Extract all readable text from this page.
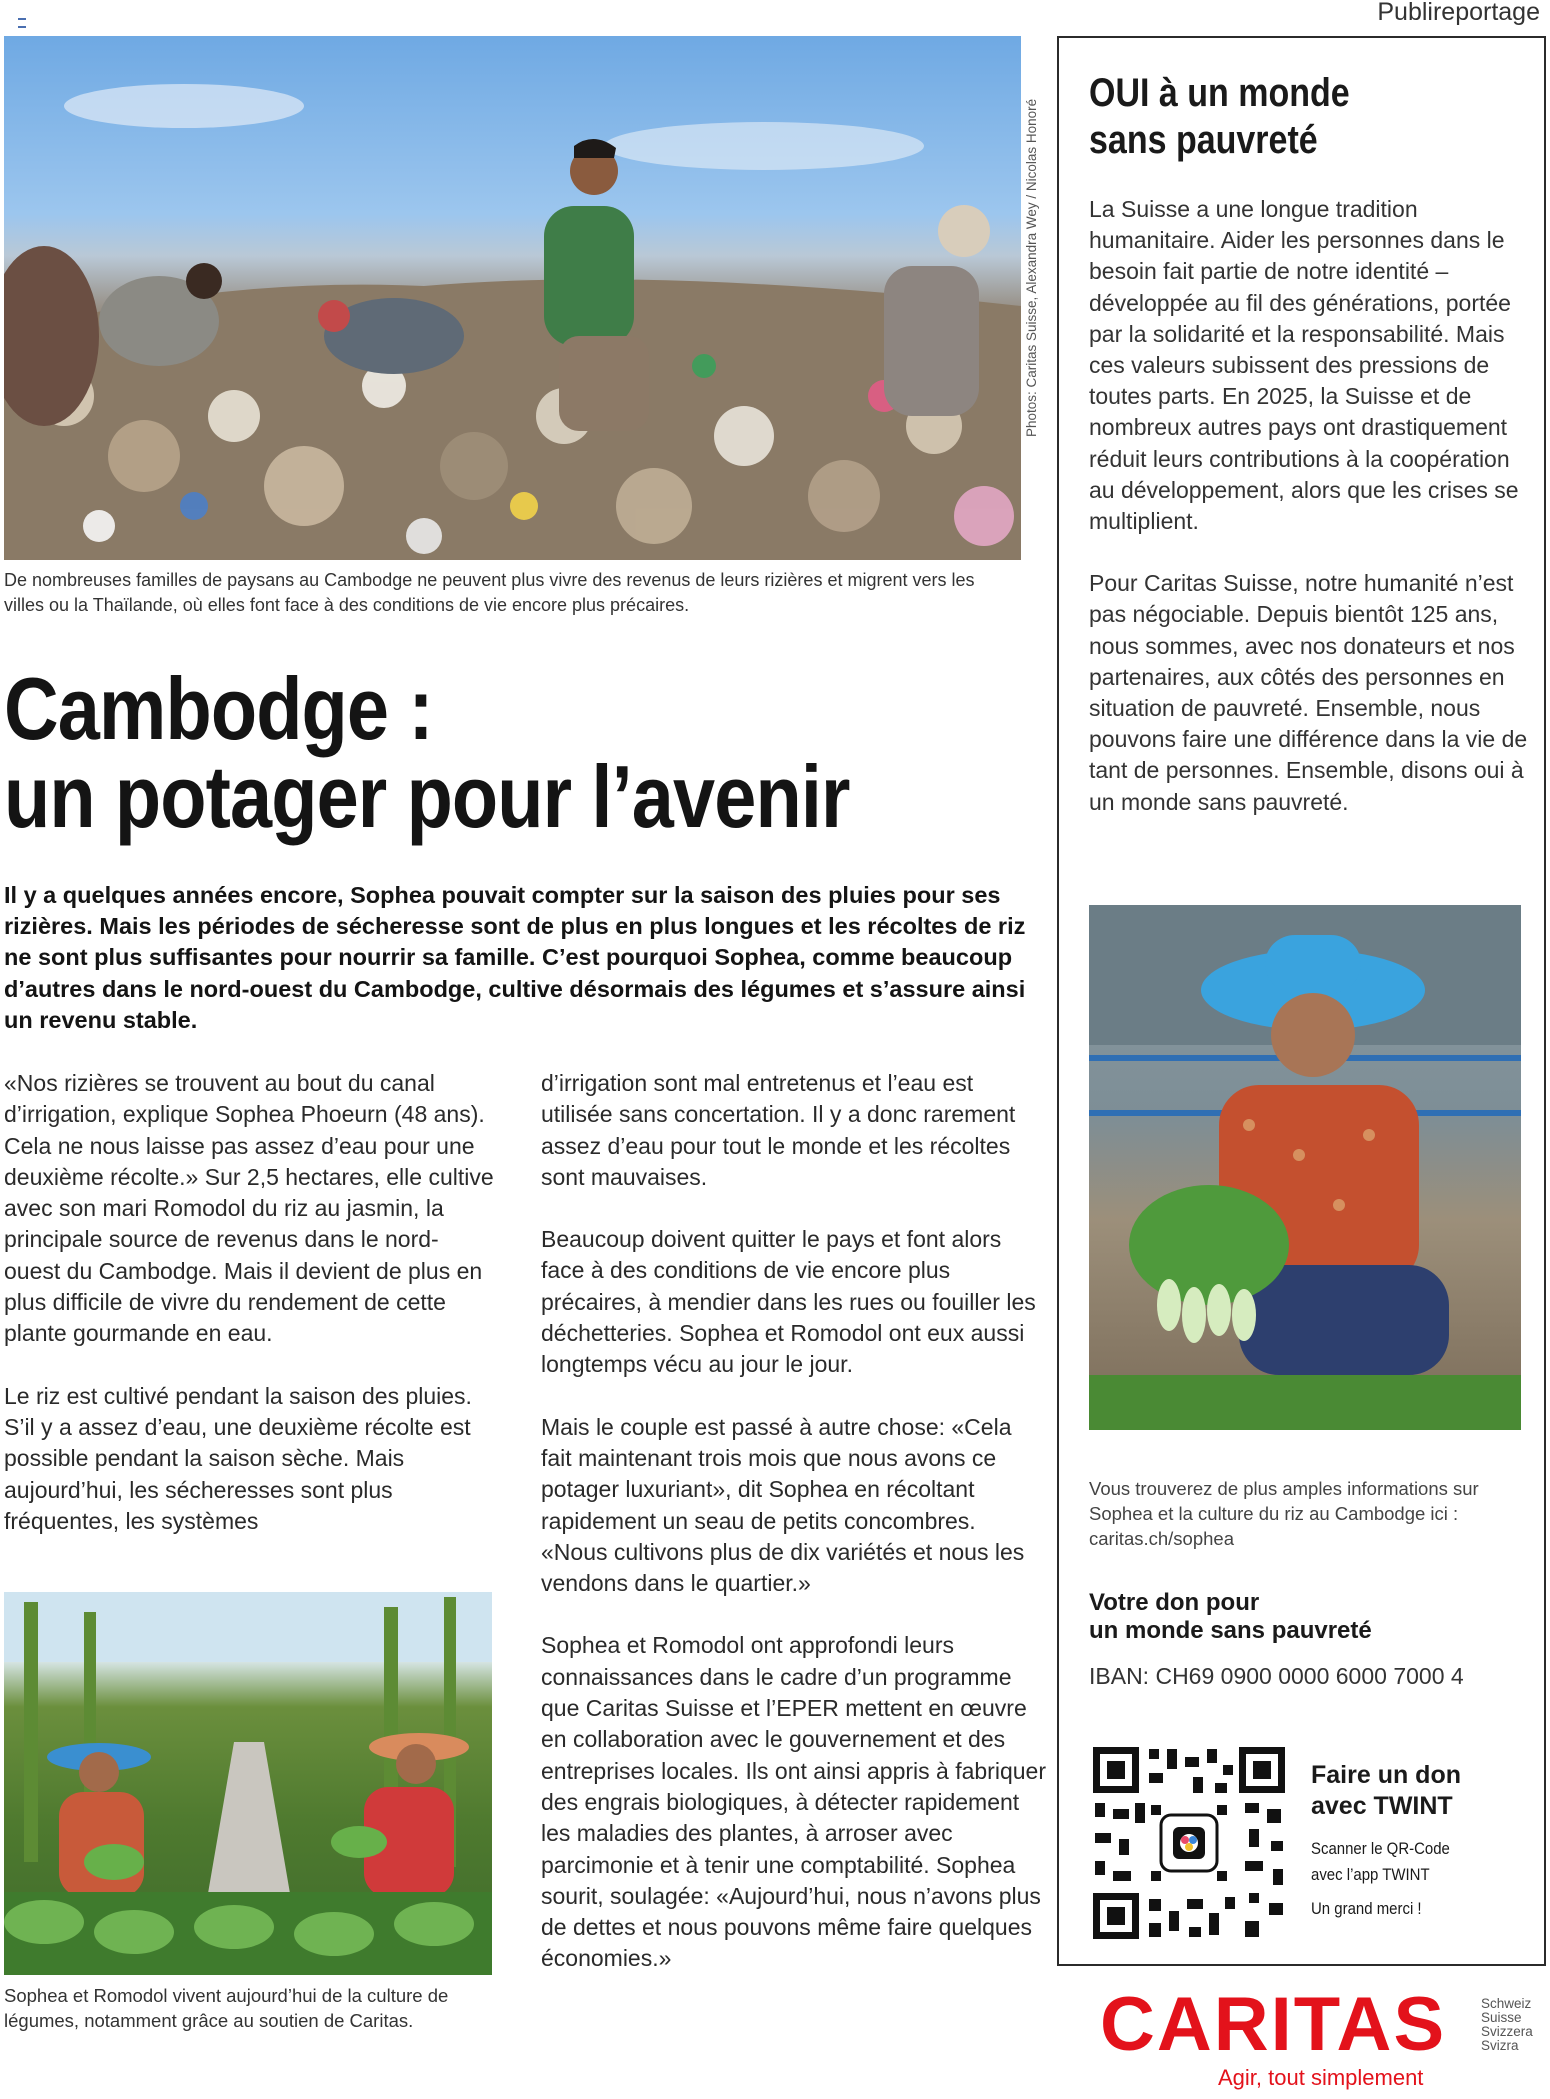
Publireportage
Photos: Caritas Suisse, Alexandra Wey / Nicolas Honoré
De nombreuses familles de paysans au Cambodge ne peuvent plus vivre des revenus de leurs rizières et migrent vers les villes ou la Thaïlande, où elles font face à des conditions de vie encore plus précaires.
Cambodge :
un potager pour l’avenir
Il y a quelques années encore, Sophea pouvait compter sur la saison des pluies pour ses rizières. Mais les périodes de sécheresse sont de plus en plus longues et les récoltes de riz ne sont plus suffisantes pour nourrir sa famille. C’est pourquoi Sophea, comme beaucoup d’autres dans le nord-ouest du Cambodge, cultive désormais des légumes et s’assure ainsi un revenu stable.

«Nos rizières se trouvent au bout du canal d’irrigation, explique Sophea Phoeurn (48 ans). Cela ne nous laisse pas assez d’eau pour une deuxième récolte.» Sur 2,5 hectares, elle cultive avec son mari Romodol du riz au jasmin, la principale source de revenus dans le nord-ouest du Cambodge. Mais il devient de plus en plus difficile de vivre du rendement de cette plante gourmande en eau.

Le riz est cultivé pendant la saison des pluies. S’il y a assez d’eau, une deuxième récolte est possible pendant la saison sèche. Mais aujourd’hui, les sécheresses sont plus fréquentes, les systèmes

d’irrigation sont mal entretenus et l’eau est utilisée sans concertation. Il y a donc rarement assez d’eau pour tout le monde et les récoltes sont mauvaises.

Beaucoup doivent quitter le pays et font alors face à des conditions de vie encore plus précaires, à mendier dans les rues ou fouiller les déchetteries. Sophea et Romodol ont eux aussi longtemps vécu au jour le jour.

Mais le couple est passé à autre chose: «Cela fait maintenant trois mois que nous avons ce potager luxuriant», dit Sophea en récoltant rapidement un seau de petits concombres. «Nous cultivons plus de dix variétés et nous les vendons dans le quartier.»

Sophea et Romodol ont approfondi leurs connaissances dans le cadre d’un programme que Caritas Suisse et l’EPER mettent en œuvre en collaboration avec le gouvernement et des entreprises locales. Ils ont ainsi appris à fabriquer des engrais biologiques, à détecter rapidement les maladies des plantes, à arroser avec parcimonie et à tenir une comptabilité. Sophea sourit, soulagée: «Aujourd’hui, nous n’avons plus de dettes et nous pouvons même faire quelques économies.»

Sophea et Romodol vivent aujourd’hui de la culture de légumes, notamment grâce au soutien de Caritas.
OUI à un monde
sans pauvreté

La Suisse a une longue tradition humanitaire. Aider les personnes dans le besoin fait partie de notre identité – développée au fil des générations, portée par la solidarité et la responsabilité. Mais ces valeurs subissent des pressions de toutes parts. En 2025, la Suisse et de nombreux autres pays ont drastiquement réduit leurs contributions à la coopération au développement, alors que les crises se multiplient.

Pour Caritas Suisse, notre humanité n’est pas négociable. Depuis bientôt 125 ans, nous sommes, avec nos donateurs et nos partenaires, aux côtés des personnes en situation de pauvreté. Ensemble, nous pouvons faire une différence dans la vie de tant de personnes. Ensemble, disons oui à un monde sans pauvreté.

Vous trouverez de plus amples informations sur Sophea et la culture du riz au Cambodge ici : caritas.ch/sophea
Votre don pour
un monde sans pauvreté
IBAN: CH69 0900 0000 6000 7000 4
Faire un don
avec TWINT
Scanner le QR-Code
avec l’app TWINT
Un grand merci !
CARITAS	Schweiz
Suisse
Svizzera
Svizra
Agir, tout simplement
